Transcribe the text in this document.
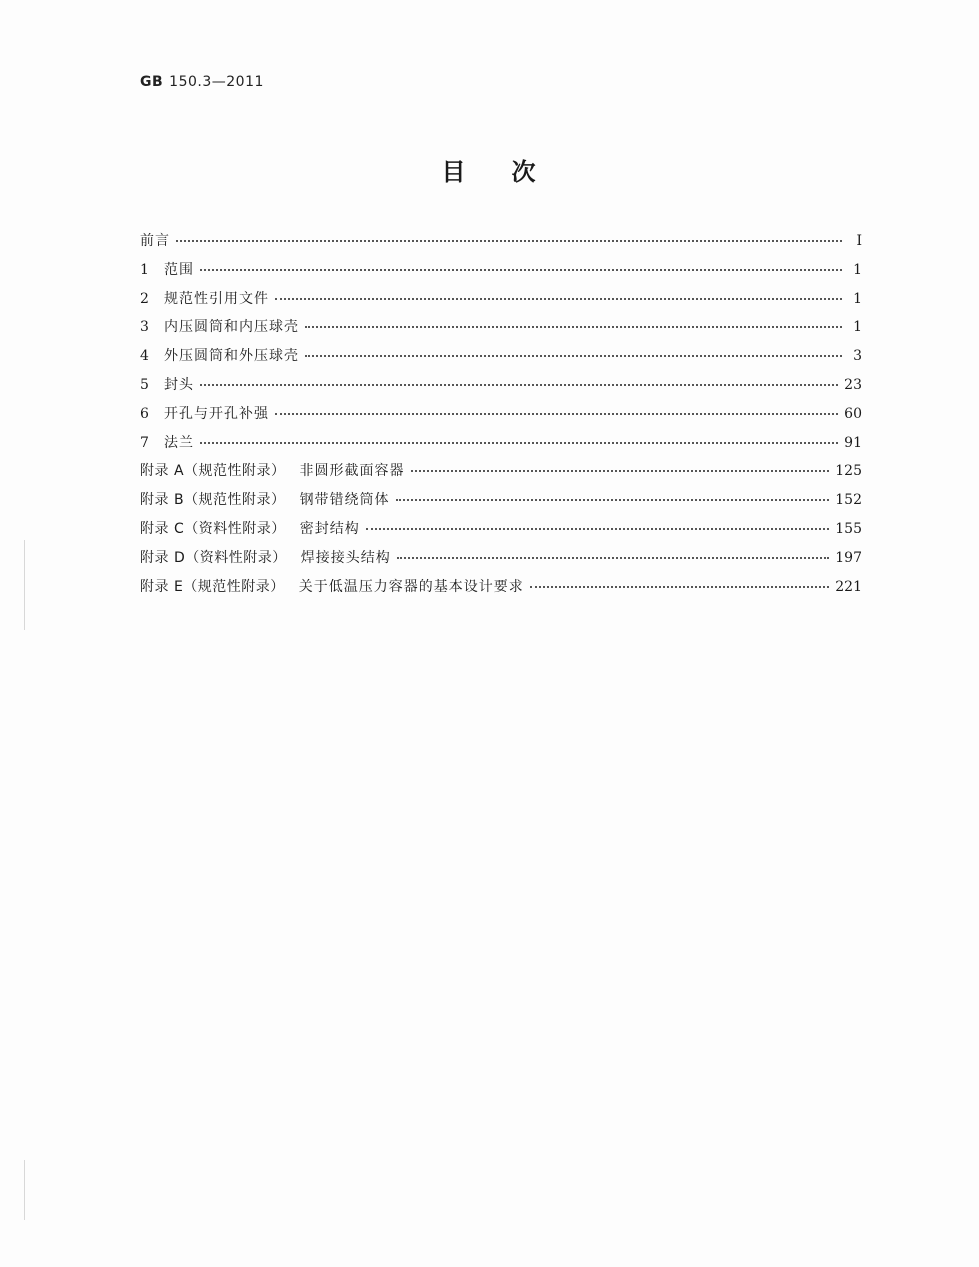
GB 150.3—2011
目 次
前言	Ⅰ
1	范围	1
2	规范性引用文件	1
3	内压圆筒和内压球壳	1
4	外压圆筒和外压球壳	3
5	封头	23
6	开孔与开孔补强	60
7	法兰	91
附录 A（规范性附录） 非圆形截面容器	125
附录 B（规范性附录） 钢带错绕筒体	152
附录 C（资料性附录） 密封结构	155
附录 D（资料性附录） 焊接接头结构	197
附录 E（规范性附录） 关于低温压力容器的基本设计要求	221
